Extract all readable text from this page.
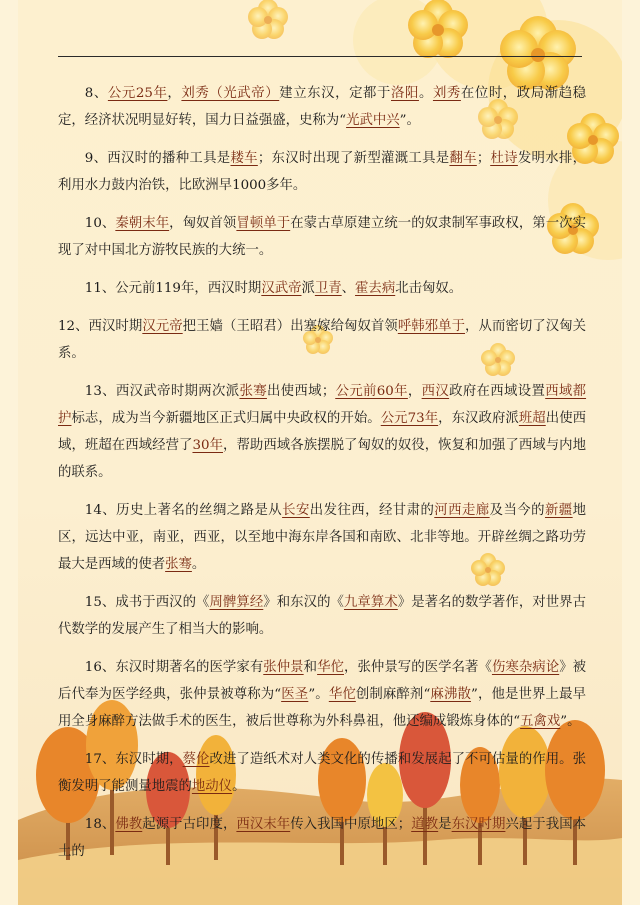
8、公元25年，刘秀（光武帝）建立东汉，定都于洛阳。刘秀在位时，政局渐趋稳定，经济状况明显好转，国力日益强盛，史称为“光武中兴”。

9、西汉时的播种工具是耧车；东汉时出现了新型灌溉工具是翻车；杜诗发明水排，利用水力鼓内治铁，比欧洲早1000多年。

10、秦朝末年，匈奴首领冒顿单于在蒙古草原建立统一的奴隶制军事政权，第一次实现了对中国北方游牧民族的大统一。

11、公元前119年，西汉时期汉武帝派卫青、霍去病北击匈奴。

12、西汉时期汉元帝把王嫱（王昭君）出塞嫁给匈奴首领呼韩邪单于，从而密切了汉匈关系。

13、西汉武帝时期两次派张骞出使西域；公元前60年，西汉政府在西域设置西域都护标志，成为当今新疆地区正式归属中央政权的开始。公元73年，东汉政府派班超出使西域，班超在西域经营了30年，帮助西域各族摆脱了匈奴的奴役，恢复和加强了西域与内地的联系。

14、历史上著名的丝绸之路是从长安出发往西，经甘肃的河西走廊及当今的新疆地区，远达中亚，南亚，西亚，以至地中海东岸各国和南欧、北非等地。开辟丝绸之路功劳最大是西域的使者张骞。

15、成书于西汉的《周髀算经》和东汉的《九章算术》是著名的数学著作，对世界古代数学的发展产生了相当大的影响。

16、东汉时期著名的医学家有张仲景和华佗，张仲景写的医学名著《伤寒杂病论》被后代奉为医学经典，张仲景被尊称为“医圣”。华佗创制麻醉剂“麻沸散”，他是世界上最早用全身麻醉方法做手术的医生，被后世尊称为外科鼻祖，他还编成锻炼身体的“五禽戏”。

17、东汉时期，蔡伦改进了造纸术对人类文化的传播和发展起了不可估量的作用。张衡发明了能测量地震的地动仪。

18、佛教起源于古印度，西汉末年传入我国中原地区；道教是东汉时期兴起于我国本土的
